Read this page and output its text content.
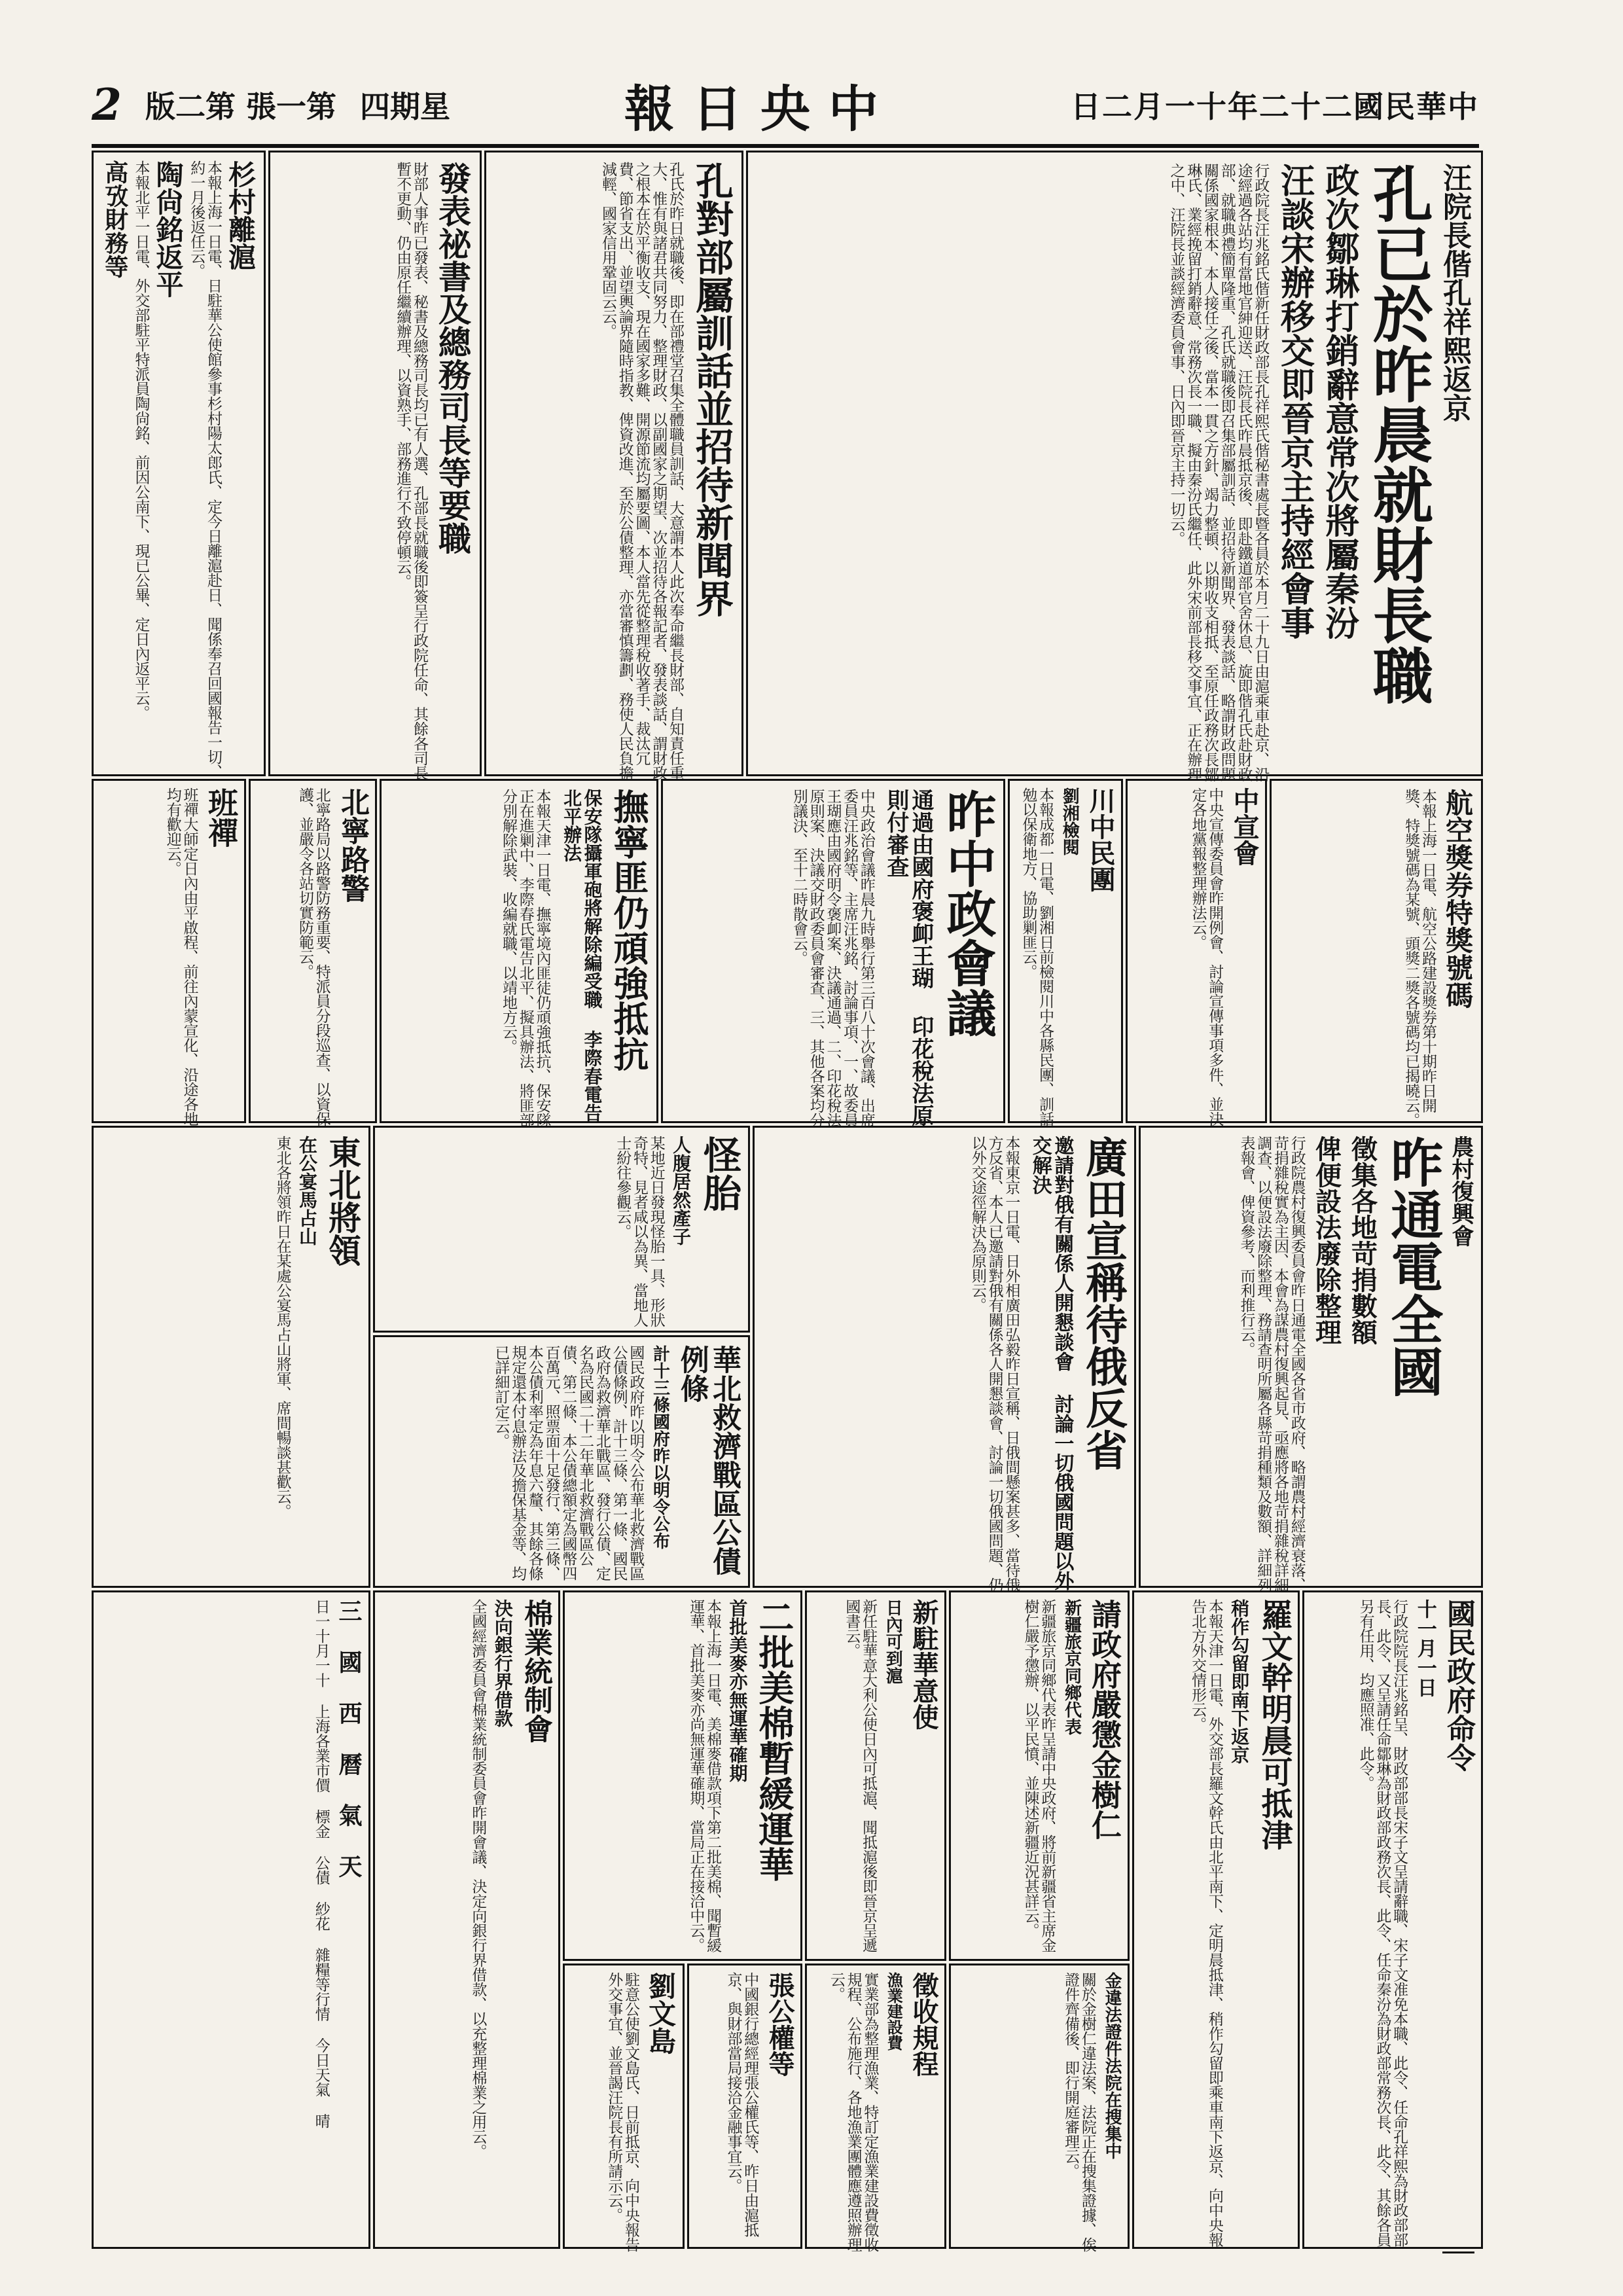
2 版二第 張一第 四期星	報日央中	日二月一十年二十二國民華中
汪院長偕孔祥熙返京
孔已於昨晨就財長職
政次鄒琳打銷辭意常次將屬秦汾
汪談宋辦移交即晉京主持經會事
行政院長汪兆銘氏偕新任財政部長孔祥熙氏偕秘書處長暨各員於本月二十九日由滬乘車赴京、沿途經過各站均有當地官紳迎送、汪院長氏昨晨抵京後、即赴鐵道部官舍休息、旋即偕孔氏赴財政部、就職典禮簡單隆重、孔氏就職後即召集部屬訓話、並招待新聞界、發表談話、略謂財政問題關係國家根本、本人接任之後、當本一貫之方針、竭力整頓、以期收支相抵、至原任政務次長鄒琳氏、業經挽留打銷辭意、常務次長一職、擬由秦汾氏繼任、此外宋前部長移交事宜、正在辦理之中、汪院長並談經濟委員會事、日內即晉京主持一切云。
孔對部屬訓話並招待新聞界
孔氏於昨日就職後、即在部禮堂召集全體職員訓話、大意謂本人此次奉命繼長財部、自知責任重大、惟有與諸君共同努力、整理財政、以副國家之期望、次並招待各報記者、發表談話、謂財政之根本在於平衡收支、現在國家多難、開源節流均屬要圖、本人當先從整理稅收著手、裁汰冗費、節省支出、並望輿論界隨時指教、俾資改進、至於公債整理、亦當審慎籌劃、務使人民負擔減輕、國家信用鞏固云云。
發表祕書及總務司長等要職
財部人事昨已發表、秘書及總務司長均已有人選、孔部長就職後即簽呈行政院任命、其餘各司長暫不更動、仍由原任繼續辦理、以資熟手、部務進行不致停頓云。
杉村離滬
本報上海一日電、日駐華公使館參事杉村陽太郎氏、定今日離滬赴日、聞係奉召回國報告一切、約一月後返任云。
陶尙銘返平
本報北平一日電、外交部駐平特派員陶尙銘、前因公南下、現已公畢、定日內返平云。
高攷財務等
航空獎券特獎號碼
本報上海一日電、航空公路建設獎券第十期昨日開獎、特獎號碼為某號、頭獎二獎各號碼均已揭曉云。
中宣會
中央宣傳委員會昨開例會、討論宣傳事項多件、並決定各地黨報整理辦法云。
川中民團
劉湘檢閱
本報成都一日電、劉湘日前檢閱川中各縣民團、訓話勉以保衛地方、協助剿匪云。
昨中政會議
通過由國府褒卹王瑚 印花稅法原則付審查
中央政治會議昨晨九時舉行第三百八十次會議、出席委員汪兆銘等、主席汪兆銘、討論事項、一、故委員王瑚應由國府明令褒卹案、決議通過、二、印花稅法原則案、決議交財政委員會審查、三、其他各案均分別議決、至十二時散會云。
撫寧匪仍頑強抵抗
保安隊攝軍砲將解除編受職 李際春電告北平辦法
本報天津一日電、撫寧境內匪徒仍頑強抵抗、保安隊正在進剿中、李際春氏電告北平、擬具辦法、將匪部分別解除武裝、收編就職、以靖地方云。
北寧路警
北寧路局以路警防務重要、特派員分段巡查、以資保護、並嚴令各站切實防範云。
班禪
班禪大師定日內由平啟程、前往內蒙宣化、沿途各地均有歡迎云。
農村復興會
昨通電全國
徵集各地苛捐數額
俾便設法廢除整理
行政院農村復興委員會昨日通電全國各省市政府、略謂農村經濟衰落、苛捐雜稅實為主因、本會為謀農村復興起見、亟應將各地苛捐雜稅詳細調查、以便設法廢除整理、務請查明所屬各縣苛捐種類及數額、詳細列表報會、俾資參考、而利推行云。
廣田宣稱待俄反省
邀請對俄有關係人開懇談會 討論一切俄國問題以外交解決
本報東京一日電、日外相廣田弘毅昨日宣稱、日俄間懸案甚多、當待俄方反省、本人已邀請對俄有關係各人開懇談會、討論一切俄國問題、仍以外交途徑解決為原則云。
怪胎
人腹居然產子
某地近日發現怪胎一具、形狀奇特、見者咸以為異、當地人士紛往參觀云。
東北將領
在公宴馬占山
東北各將領昨日在某處公宴馬占山將軍、席間暢談甚歡云。	華北救濟戰區公債例條
計十三條國府昨以明令公布
國民政府昨以明令公布華北救濟戰區公債條例、計十三條、第一條、國民政府為救濟華北戰區、發行公債、定名為民國二十二年華北救濟戰區公債、第二條、本公債總額定為國幣四百萬元、照票面十足發行、第三條、本公債利率定為年息六釐、其餘各條規定還本付息辦法及擔保基金等、均已詳細訂定云。
國民政府命令
十一月一日
行政院院長汪兆銘呈、財政部部長宋子文呈請辭職、宋子文准免本職、此令、任命孔祥熙為財政部部長、此令、又呈請任命鄒琳為財政部政務次長、此令、任命秦汾為財政部常務次長、此令、其餘各員另有任用、均應照准、此令。
羅文幹明晨可抵津
稍作勾留即南下返京
本報天津一日電、外交部長羅文幹氏由北平南下、定明晨抵津、稍作勾留即乘車南下返京、向中央報告北方外交情形云。
請政府嚴懲金樹仁
新疆旅京同鄉代表
新疆旅京同鄉代表昨呈請中央政府、將前新疆省主席金樹仁嚴予懲辦、以平民憤、並陳述新疆近況甚詳云。
金違法證件法院在搜集中
關於金樹仁違法案、法院正在搜集證據、俟證件齊備後、即行開庭審理云。
新駐華意使
日內可到滬
新任駐華意大利公使日內可抵滬、聞抵滬後即晉京呈遞國書云。
徵收規程
漁業建設費
實業部為整理漁業、特訂定漁業建設費徵收規程、公布施行、各地漁業團體應遵照辦理云。
二批美棉暫緩運華
首批美麥亦無運華確期
本報上海一日電、美棉麥借款項下第二批美棉、聞暫緩運華、首批美麥亦尚無運華確期、當局正在接洽中云。
張公權等
中國銀行總經理張公權氏等、昨日由滬抵京、與財部當局接洽金融事宜云。
劉文島
駐意公使劉文島氏、日前抵京、向中央報告外交事宜、並晉謁汪院長有所請示云。
棉業統制會
決向銀行界借款
全國經濟委員會棉業統制委員會昨開會議、決定向銀行界借款、以充整理棉業之用云。
三 國 西 曆 氣 天
日一十月一十 上海各業市價 標金 公債 紗花 雜糧等行情 今日天氣 晴
